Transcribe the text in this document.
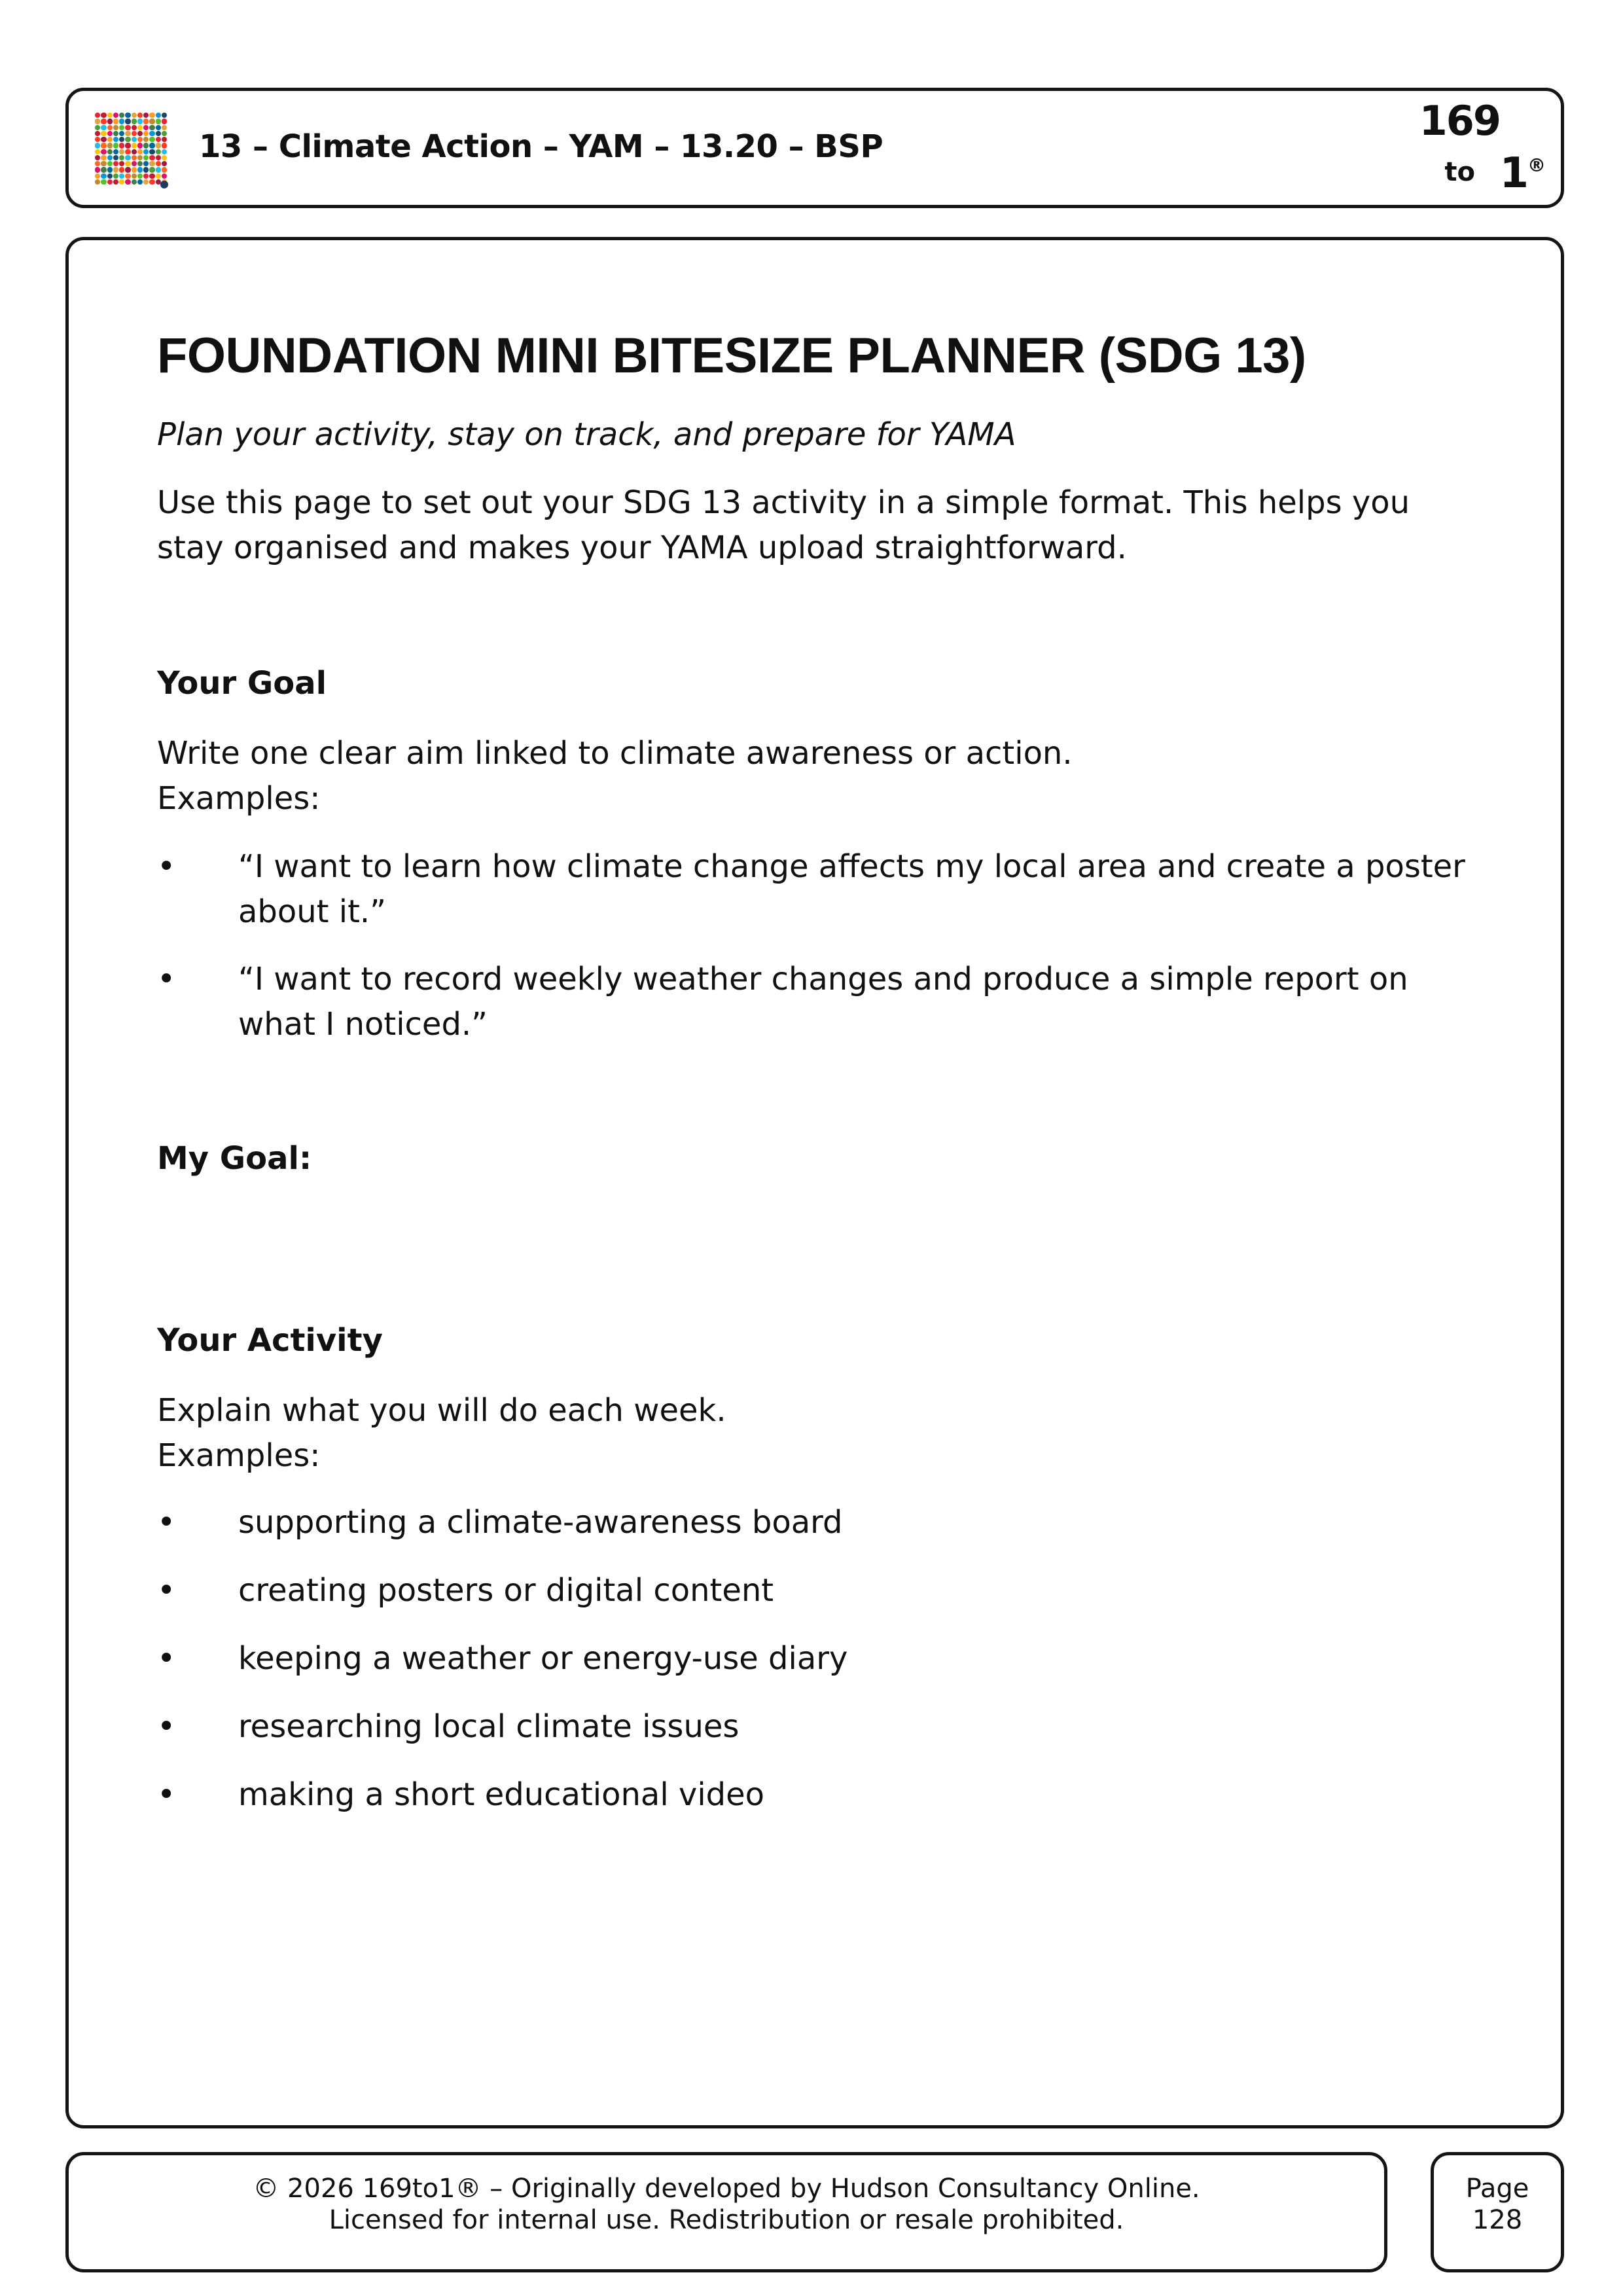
13 – Climate Action – YAM – 13.20 – BSP
169
to 1
®
FOUNDATION MINI BITESIZE PLANNER (SDG 13)
Plan your activity, stay on track, and prepare for YAMA
Use this page to set out your SDG 13 activity in a simple format. This helps you
stay organised and makes your YAMA upload straightforward.
Your Goal
Write one clear aim linked to climate awareness or action.
Examples:
•	“I want to learn how climate change affects my local area and create a poster
about it.”
•	“I want to record weekly weather changes and produce a simple report on
what I noticed.”
My Goal:
Your Activity
Explain what you will do each week.
Examples:
•	supporting a climate-awareness board
•	creating posters or digital content
•	keeping a weather or energy-use diary
•	researching local climate issues
•	making a short educational video
© 2026 169to1® – Originally developed by Hudson Consultancy Online.
Licensed for internal use. Redistribution or resale prohibited.
Page
128
